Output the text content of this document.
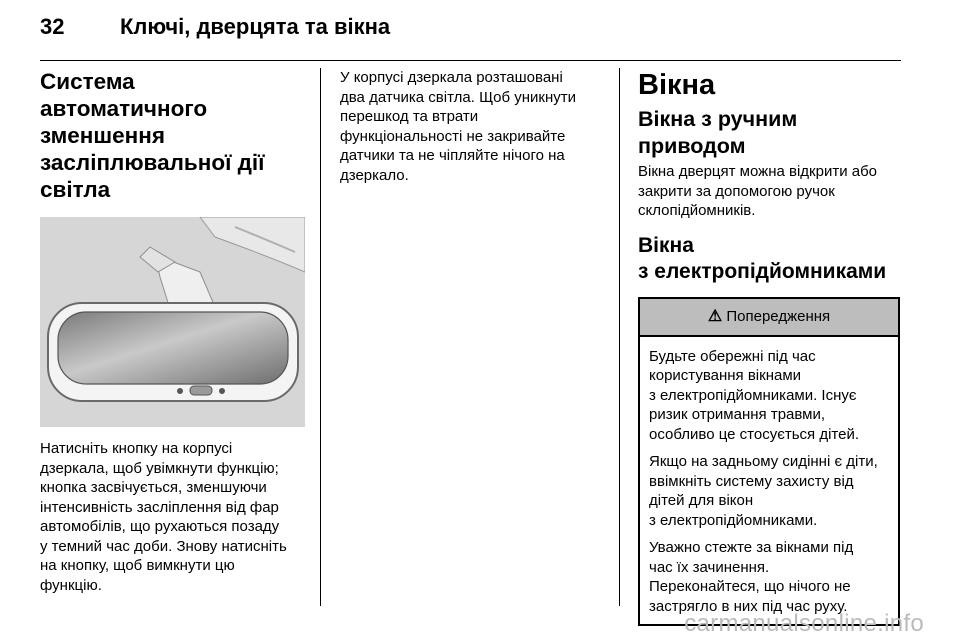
32	Ключі, дверцята та вікна
Система автоматичного
зменшення
засліплювальної дії
світла
Натисніть кнопку на корпусі
дзеркала, щоб увімкнути функцію;
кнопка засвічується, зменшуючи
інтенсивність засліплення від фар
автомобілів, що рухаються позаду
у темний час доби. Знову натисніть
на кнопку, щоб вимкнути цю
функцію.
У корпусі дзеркала розташовані
два датчика світла. Щоб уникнути
перешкод та втрати
функціональності не закривайте
датчики та не чіпляйте нічого на
дзеркало.
Вікна
Вікна з ручним приводом
Вікна дверцят можна відкрити або
закрити за допомогою ручок
склопідйомників.
Вікна
з електропідйомниками
⚠ Попередження

Будьте обережні під час
користування вікнами
з електропідйомниками. Існує
ризик отримання травми,
особливо це стосується дітей.

Якщо на задньому сидінні є діти,
ввімкніть систему захисту від
дітей для вікон
з електропідйомниками.

Уважно стежте за вікнами під
час їх зачинення.
Переконайтеся, що нічого не
застрягло в них під час руху.

carmanualsonline.info
